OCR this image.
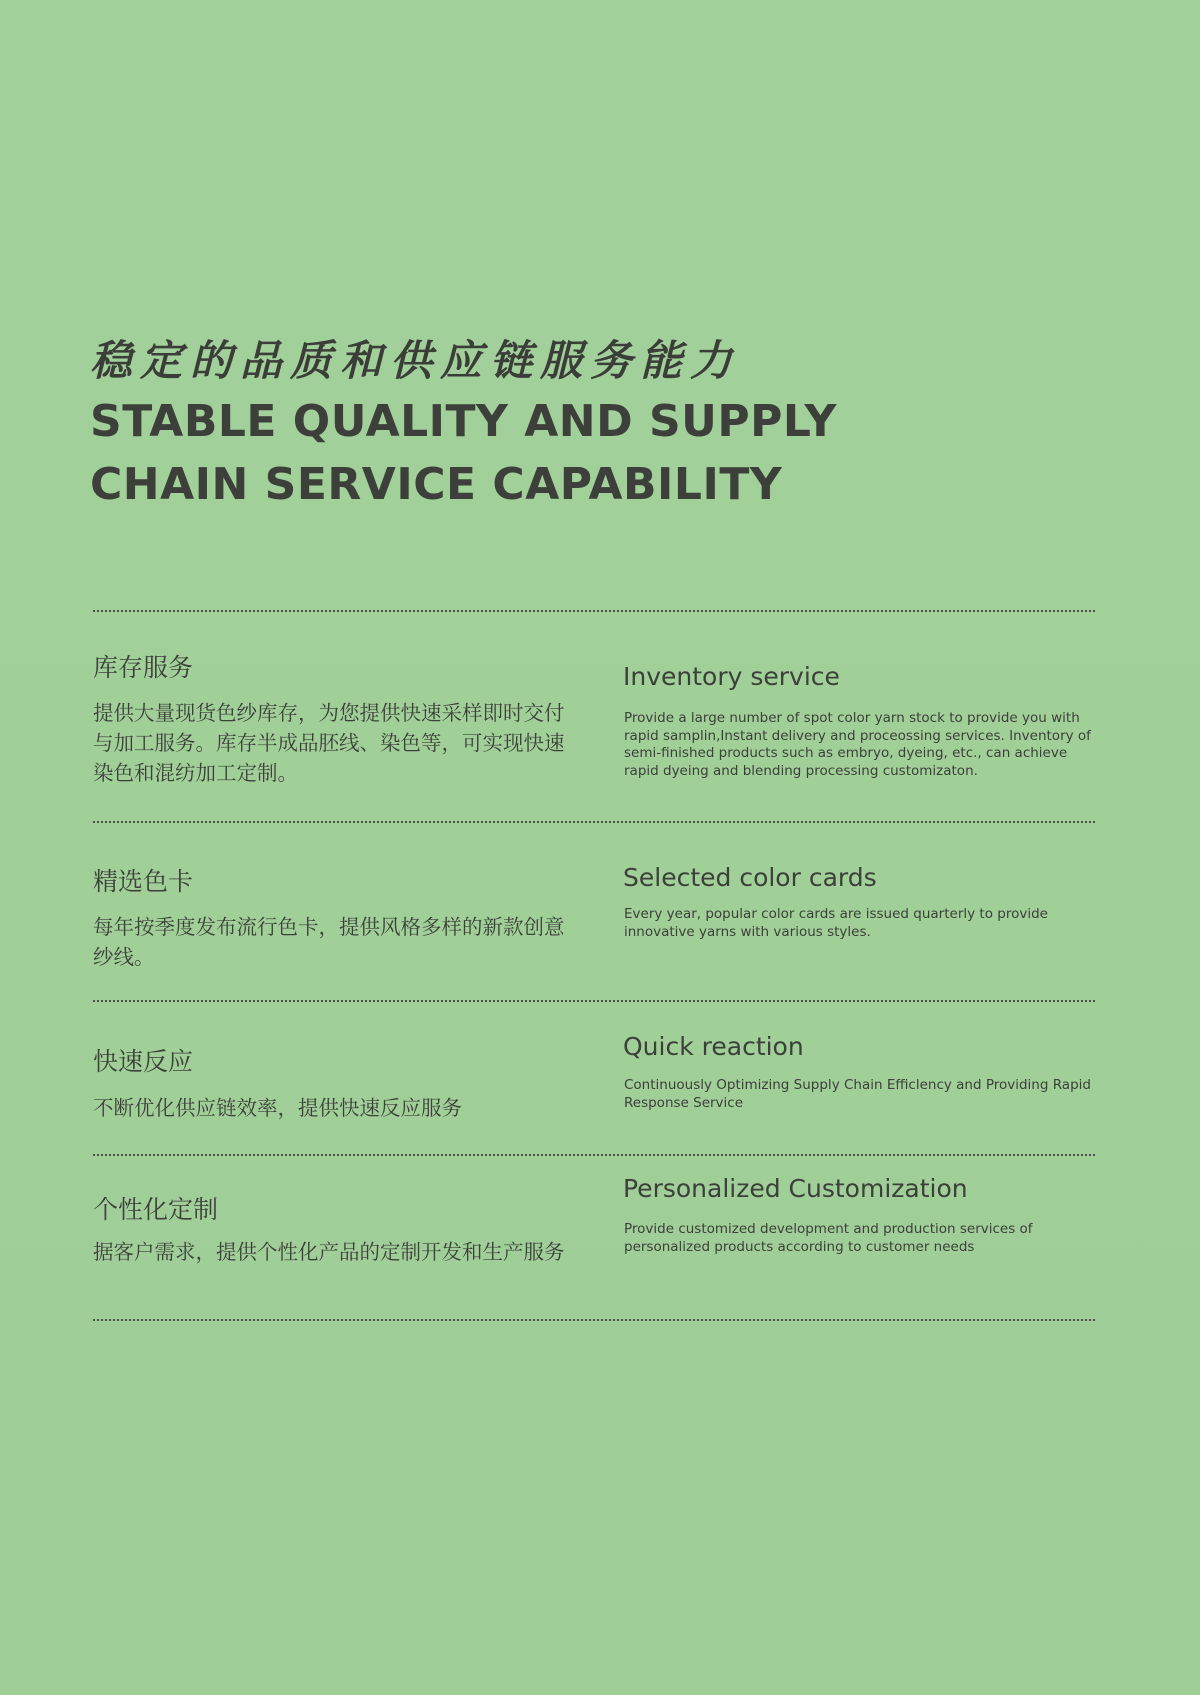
稳定的品质和供应链服务能力
STABLE QUALITY AND SUPPLY
CHAIN SERVICE CAPABILITY
库存服务
提供大量现货色纱库存，为您提供快速采样即时交付与加工服务。库存半成品胚线、染色等，可实现快速染色和混纺加工定制。
Inventory service
Provide a large number of spot color yarn stock to provide you with rapid samplin,Instant delivery and proceossing services. Inventory of semi-finished products such as embryo, dyeing, etc., can achieve rapid dyeing and blending processing customizaton.
精选色卡
每年按季度发布流行色卡，提供风格多样的新款创意纱线。
Selected color cards
Every year, popular color cards are issued quarterly to provide innovative yarns with various styles.
快速反应
不断优化供应链效率，提供快速反应服务
Quick reaction
Continuously Optimizing Supply Chain Efficlency and Providing Rapid Response Service
个性化定制
据客户需求，提供个性化产品的定制开发和生产服务
Personalized Customization
Provide customized development and production services of personalized products according to customer needs
